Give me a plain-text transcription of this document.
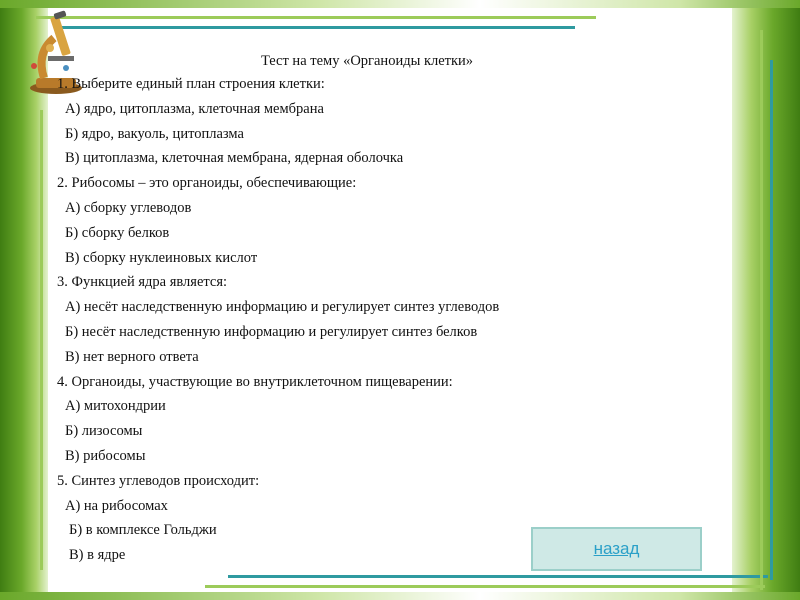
Тест на тему «Органоиды клетки»
1. Выберите единый план строения клетки:
А) ядро, цитоплазма, клеточная мембрана
Б) ядро, вакуоль, цитоплазма
В) цитоплазма, клеточная мембрана, ядерная оболочка
2. Рибосомы – это органоиды, обеспечивающие:
А) сборку углеводов
Б) сборку белков
В) сборку нуклеиновых кислот
3. Функцией ядра является:
А) несёт наследственную информацию и регулирует синтез углеводов
Б) несёт наследственную информацию и регулирует синтез белков
В) нет верного ответа
4. Органоиды, участвующие во внутриклеточном пищеварении:
А) митохондрии
Б) лизосомы
В) рибосомы
5. Синтез углеводов происходит:
А) на рибосомах
Б) в комплексе Гольджи
В) в ядре	назад
